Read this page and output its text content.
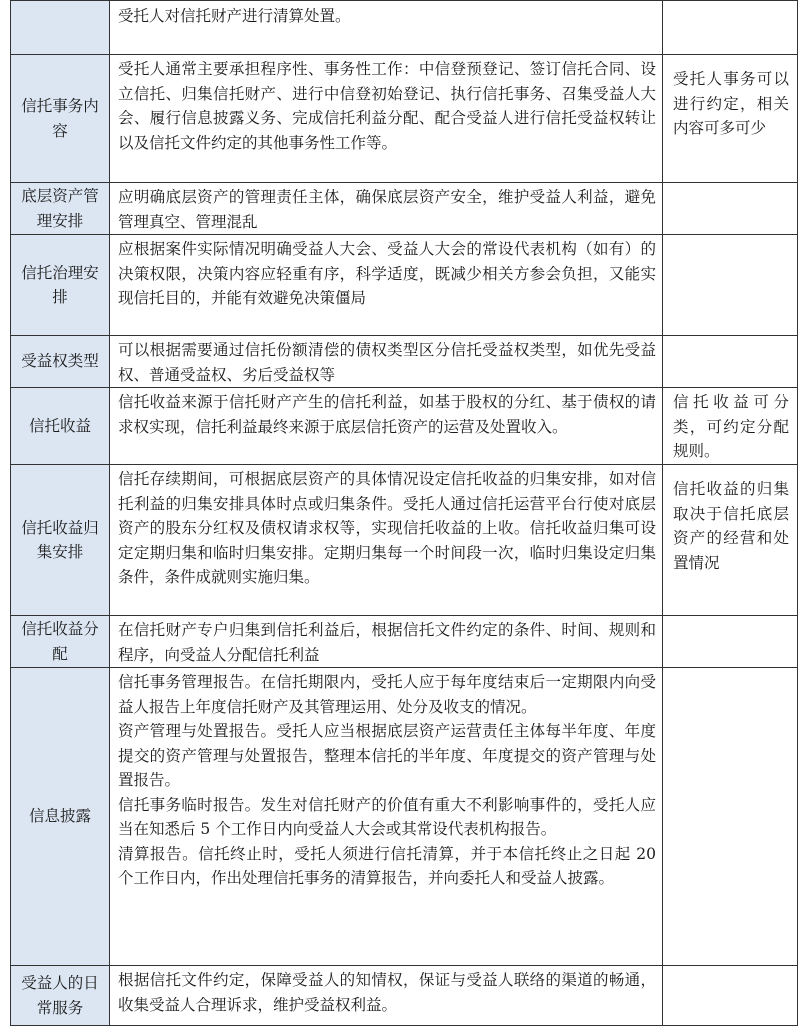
	受托人对信托财产进行清算处置。	

信托事务内容	受托人通常主要承担程序性、事务性工作：中信登预登记、签订信托合同、设立信托、归集信托财产、进行中信登初始登记、执行信托事务、召集受益人大会、履行信息披露义务、完成信托利益分配、配合受益人进行信托受益权转让以及信托文件约定的其他事务性工作等。	受托人事务可以进行约定，相关内容可多可少
底层资产管理安排	应明确底层资产的管理责任主体，确保底层资产安全，维护受益人利益，避免管理真空、管理混乱	

信托治理安排	应根据案件实际情况明确受益人大会、受益人大会的常设代表机构（如有）的决策权限，决策内容应轻重有序，科学适度，既减少相关方参会负担，又能实现信托目的，并能有效避免决策僵局	

受益权类型	可以根据需要通过信托份额清偿的债权类型区分信托受益权类型，如优先受益权、普通受益权、劣后受益权等	

信托收益	信托收益来源于信托财产产生的信托利益，如基于股权的分红、基于债权的请求权实现，信托利益最终来源于底层信托资产的运营及处置收入。	信托收益可分类，可约定分配规则。
信托收益归集安排	信托存续期间，可根据底层资产的具体情况设定信托收益的归集安排，如对信托利益的归集安排具体时点或归集条件。受托人通过信托运营平台行使对底层资产的股东分红权及债权请求权等，实现信托收益的上收。信托收益归集可设定定期归集和临时归集安排。定期归集每一个时间段一次，临时归集设定归集条件，条件成就则实施归集。	信托收益的归集取决于信托底层资产的经营和处置情况
信托收益分配	在信托财产专户归集到信托利益后，根据信托文件约定的条件、时间、规则和程序，向受益人分配信托利益	

信息披露	信托事务管理报告。在信托期限内，受托人应于每年度结束后一定期限内向受益人报告上年度信托财产及其管理运用、处分及收支的情况。
资产管理与处置报告。受托人应当根据底层资产运营责任主体每半年度、年度提交的资产管理与处置报告，整理本信托的半年度、年度提交的资产管理与处置报告。
信托事务临时报告。发生对信托财产的价值有重大不利影响事件的，受托人应当在知悉后 5 个工作日内向受益人大会或其常设代表机构报告。
清算报告。信托终止时，受托人须进行信托清算，并于本信托终止之日起 20 个工作日内，作出处理信托事务的清算报告，并向委托人和受益人披露。	

受益人的日常服务	根据信托文件约定，保障受益人的知情权，保证与受益人联络的渠道的畅通，收集受益人合理诉求，维护受益权利益。	
